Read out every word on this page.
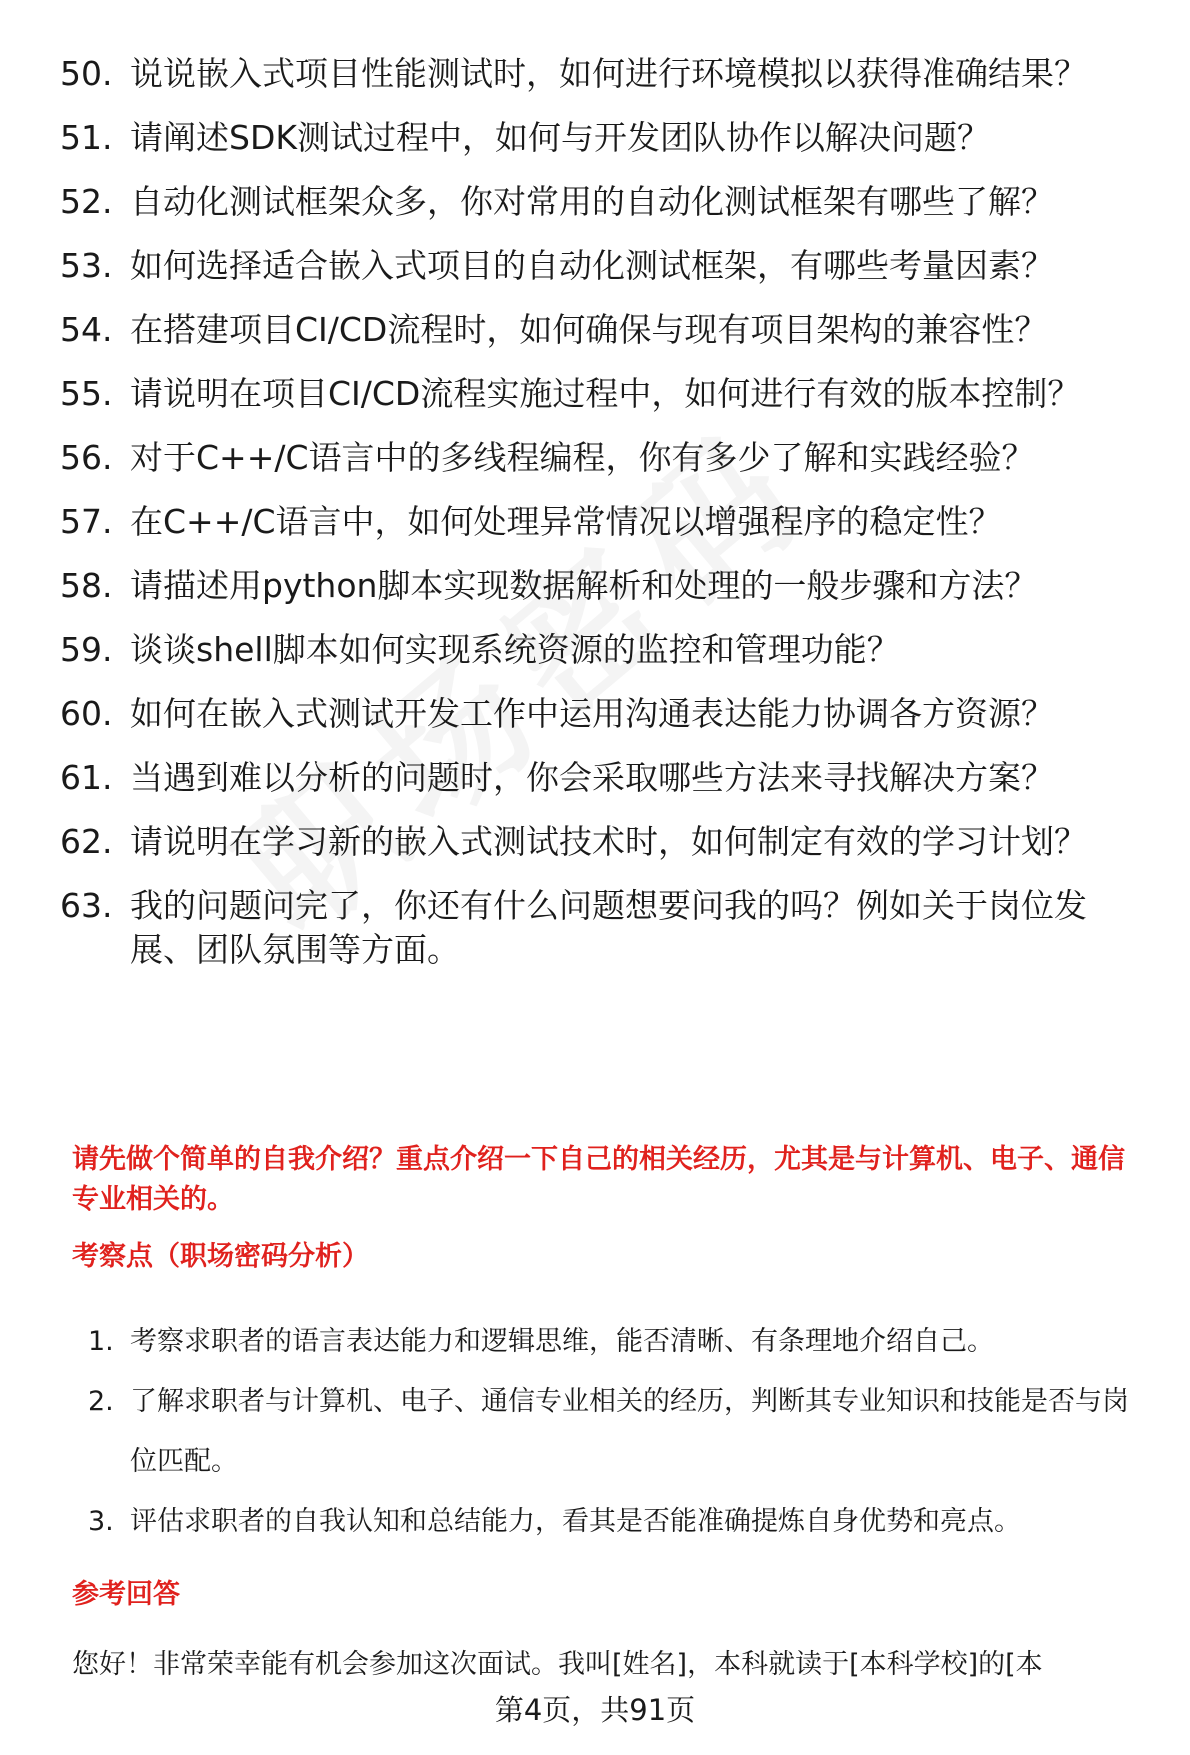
50. 说说嵌入式项目性能测试时，如何进行环境模拟以获得准确结果？
51. 请阐述SDK测试过程中，如何与开发团队协作以解决问题？
52. 自动化测试框架众多，你对常用的自动化测试框架有哪些了解？
53. 如何选择适合嵌入式项目的自动化测试框架，有哪些考量因素？
54. 在搭建项目CI/CD流程时，如何确保与现有项目架构的兼容性？
55. 请说明在项目CI/CD流程实施过程中，如何进行有效的版本控制？
56. 对于C++/C语言中的多线程编程，你有多少了解和实践经验？
57. 在C++/C语言中，如何处理异常情况以增强程序的稳定性？
58. 请描述用python脚本实现数据解析和处理的一般步骤和方法？
59. 谈谈shell脚本如何实现系统资源的监控和管理功能？
60. 如何在嵌入式测试开发工作中运用沟通表达能力协调各方资源？
61. 当遇到难以分析的问题时，你会采取哪些方法来寻找解决方案？
62. 请说明在学习新的嵌入式测试技术时，如何制定有效的学习计划？
63. 我的问题问完了，你还有什么问题想要问我的吗？例如关于岗位发展、团队氛围等方面。
请先做个简单的自我介绍？重点介绍一下自己的相关经历，尤其是与计算机、电子、通信专业相关的。
考察点（职场密码分析）
1. 考察求职者的语言表达能力和逻辑思维，能否清晰、有条理地介绍自己。
2. 了解求职者与计算机、电子、通信专业相关的经历，判断其专业知识和技能是否与岗位匹配。
3. 评估求职者的自我认知和总结能力，看其是否能准确提炼自身优势和亮点。
参考回答
您好！非常荣幸能有机会参加这次面试。我叫[姓名]，本科就读于[本科学校]的[本
第4页，共91页
